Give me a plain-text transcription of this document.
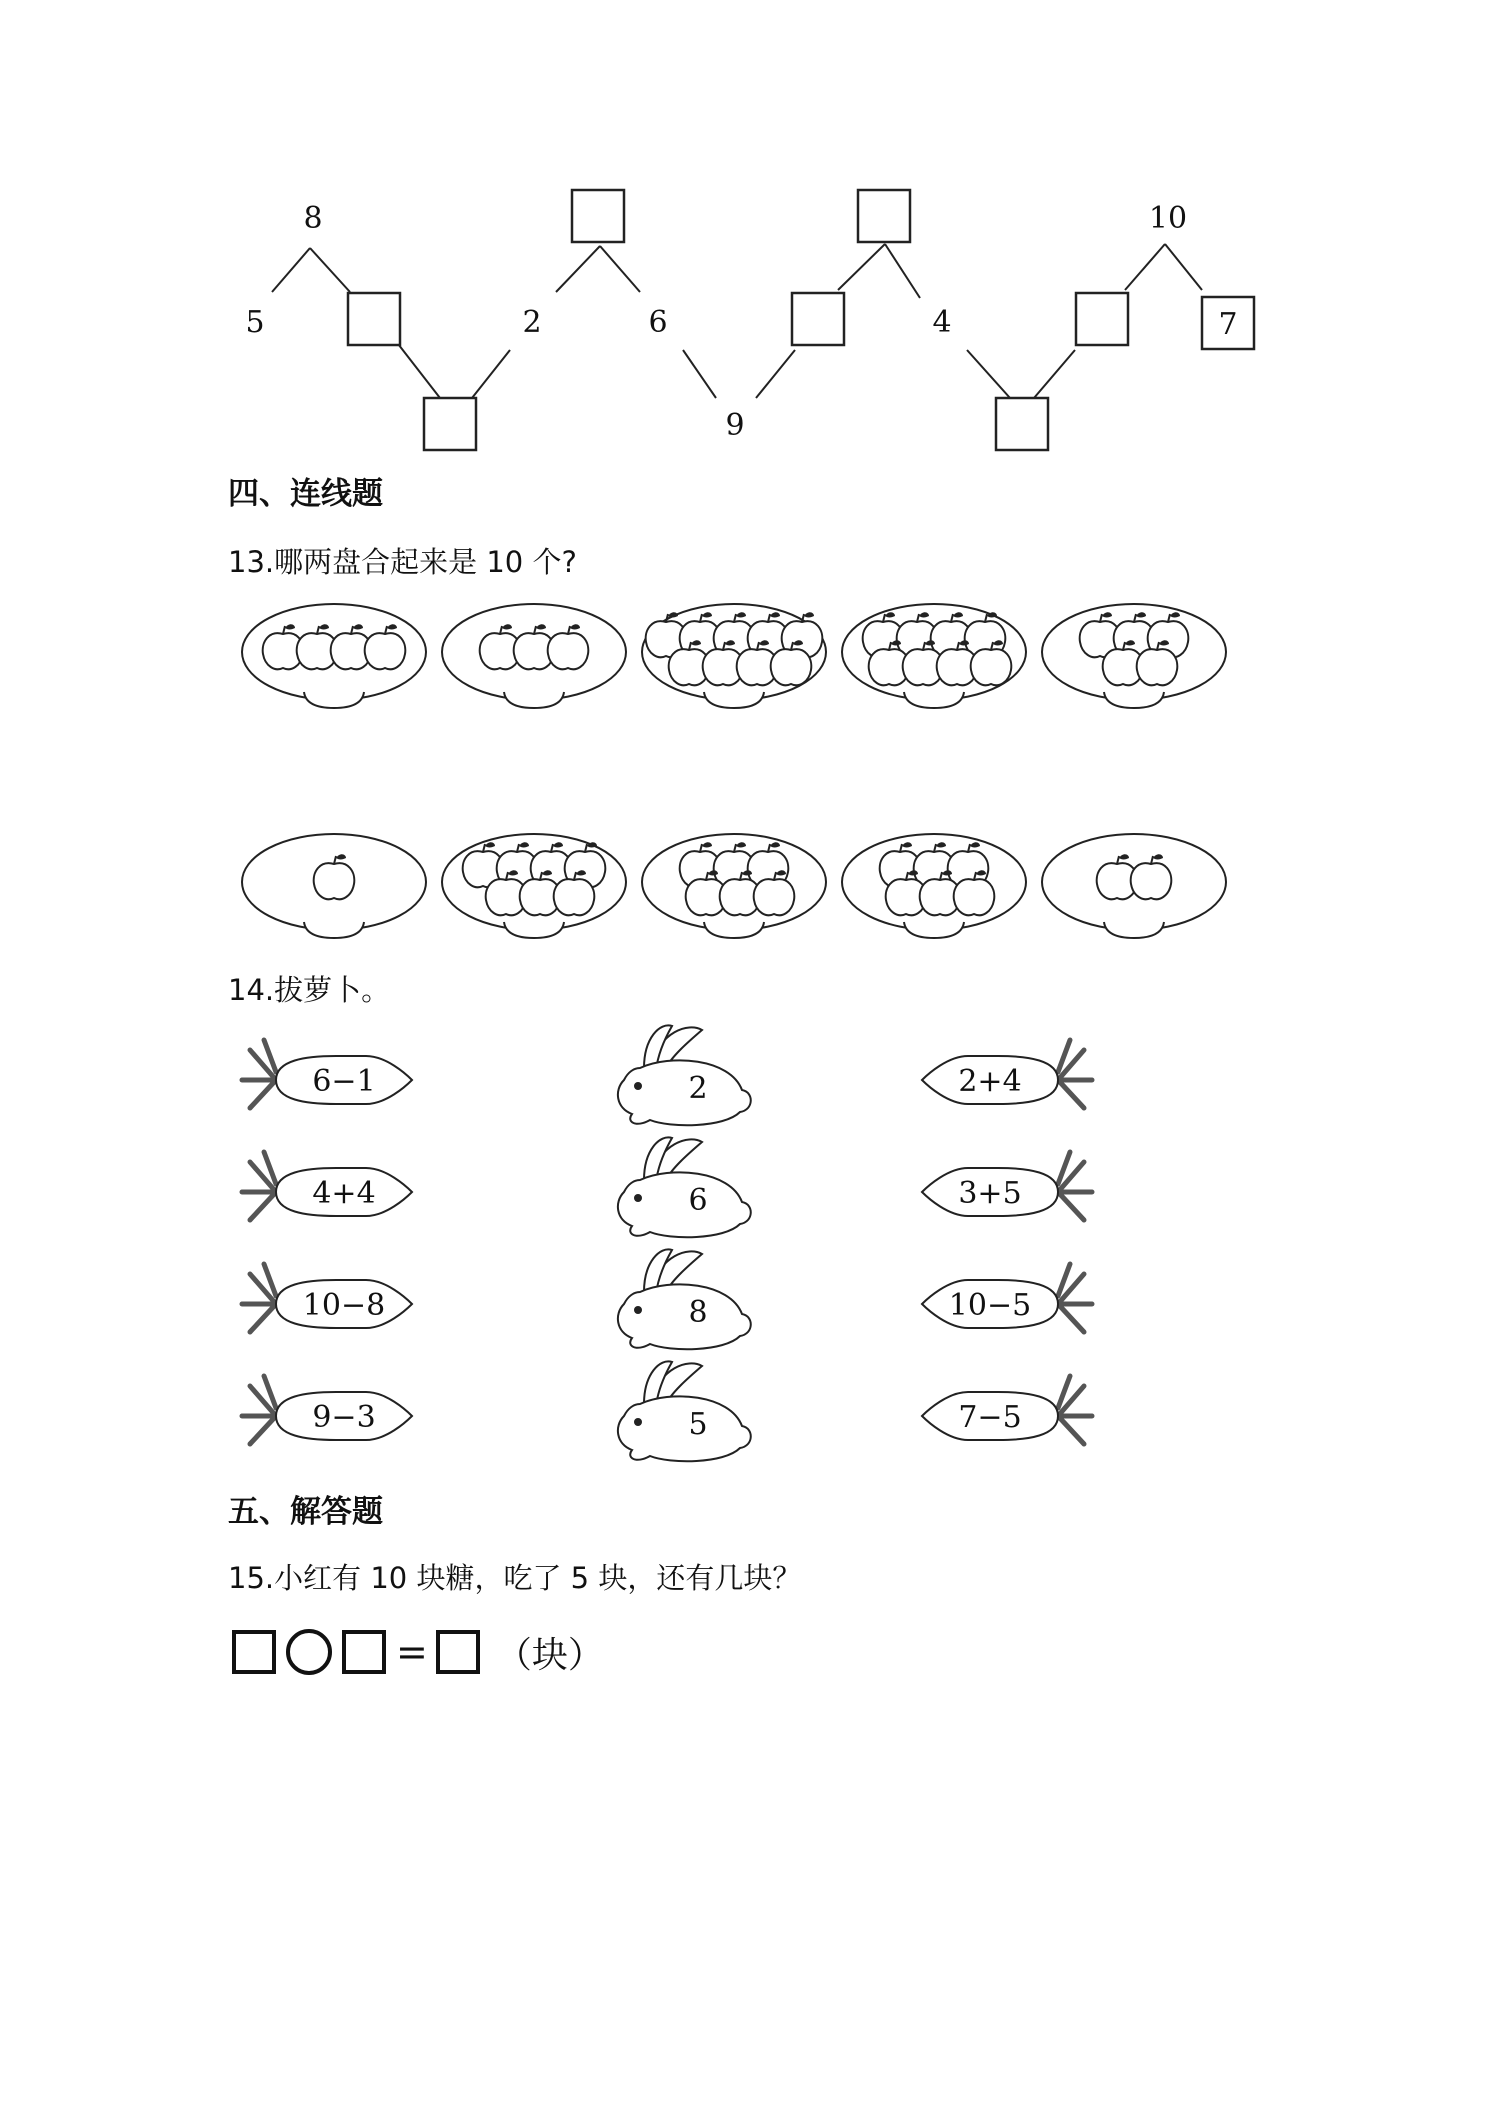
8
5	2	6
9
4
10
7
四、连线题
13.哪两盘合起来是 10 个?
14.拔萝卜。
6−1
4+4
10−8
9−3
2
6
8
5
2+4
3+5
10−5
7−5
五、解答题
15.小红有 10 块糖，吃了 5 块，还有几块？
= （块）
